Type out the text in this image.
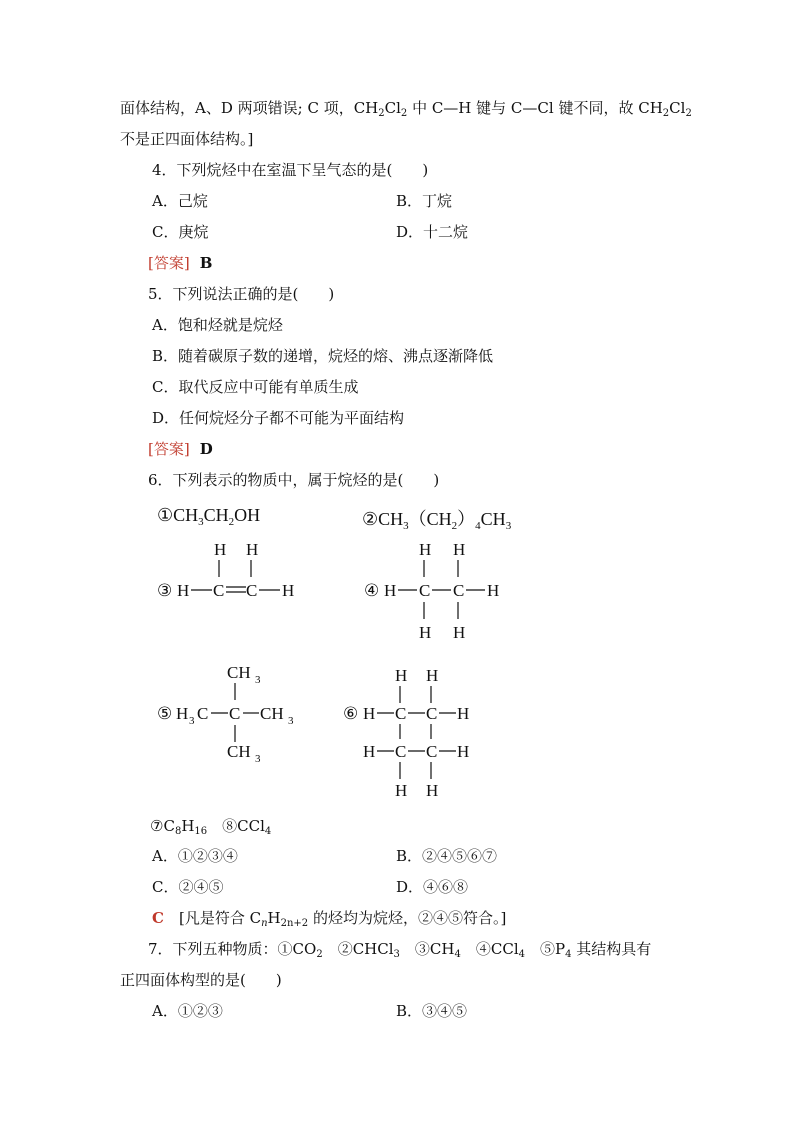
面体结构，A、D 两项错误; C 项，$CH_2Cl_2$ 中 C—H 键与 C—Cl 键不同，故 $CH_2Cl_2$
不是正四面体结构。]
4．下列烷烃中在室温下呈气态的是(　　)
A．己烷	B．丁烷
C．庚烷	D．十二烷
[答案] B
5．下列说法正确的是(　　)
A．饱和烃就是烷烃
B．随着碳原子数的递增，烷烃的熔、沸点逐渐降低
C．取代反应中可能有单质生成
D．任何烷烃分子都不可能为平面结构
[答案] D
6．下列表示的物质中，属于烷烃的是(　　)
$①CH_3CH_2OH$	$②CH_3(CH_2)_4CH_3$
H H
③ H C C H
H H
④ H C C H
H H
CH 3
⑤ H 3 C C CH 3
CH 3
H H
⑥ H C C H
H C C H
H H
$⑦C_8H_{16}$　 ⑧CCl$_4$
A．①②③④	B．②④⑤⑥⑦
C．②④⑤	D．④⑥⑧
C　 [凡是符合 $C_nH_{2n+2}$ 的烃均为烷烃，②④⑤符合。]
7．下列五种物质：$①CO_2$　②CHCl$_3$　$③CH_4$　④CCl$_4$　$⑤P_4$ 其结构具有
正四面体构型的是(　　)
A．①②③	B．③④⑤
